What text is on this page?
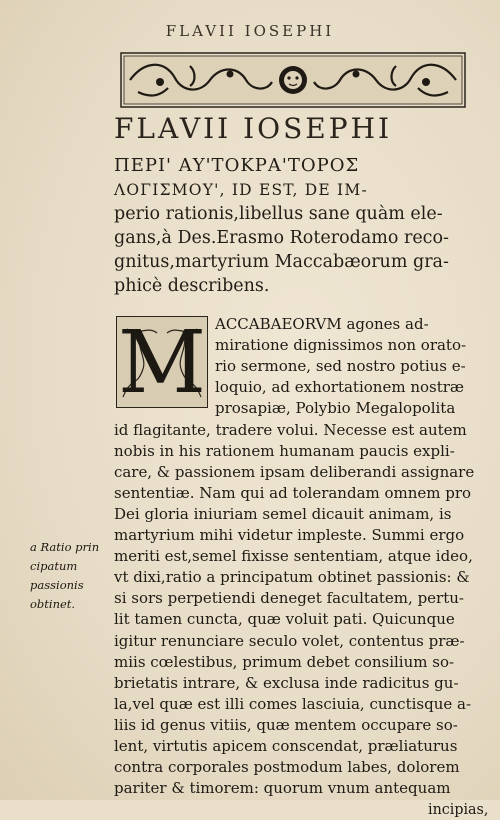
FLAVII IOSEPHI
FLAVII IOSEPHI
ΠΕΡΙ' ΑΥ'ΤΟΚΡΑ'ΤΟΡΟΣ
ΛΟΓΙΣΜΟΥ', ID EST, DE IM-
perio rationis,libellus sane quàm ele-
gans,à Des.Erasmo Roterodamo reco-
gnitus,martyrium Maccabæorum gra-
phicè describens.
M ACCABAEORVM agones ad-
miratione dignissimos non orato-
rio sermone, sed nostro potius e-
loquio, ad exhortationem nostræ
prosapiæ, Polybio Megalopolita
id flagitante, tradere volui. Necesse est autem
nobis in his rationem humanam paucis expli-
care, & passionem ipsam deliberandi assignare
sententiæ. Nam qui ad tolerandam omnem pro
Dei gloria iniuriam semel dicauit animam, is
martyrium mihi videtur impleste. Summi ergo
meriti est,semel fixisse sententiam, atque ideo,
vt dixi,ratio a principatum obtinet passionis: &
si sors perpetiendi deneget facultatem, pertu-
lit tamen cuncta, quæ voluit pati. Quicunque
igitur renunciare seculo volet, contentus præ-
miis cœlestibus, primum debet consilium so-
brietatis intrare, & exclusa inde radicitus gu-
la,vel quæ est illi comes lasciuia, cunctisque a-
liis id genus vitiis, quæ mentem occupare so-
lent, virtutis apicem conscendat, præliaturus
contra corporales postmodum labes, dolorem
pariter & timorem: quorum vnum antequam
incipias,
a Ratio prin
cipatum
passionis
obtinet.
